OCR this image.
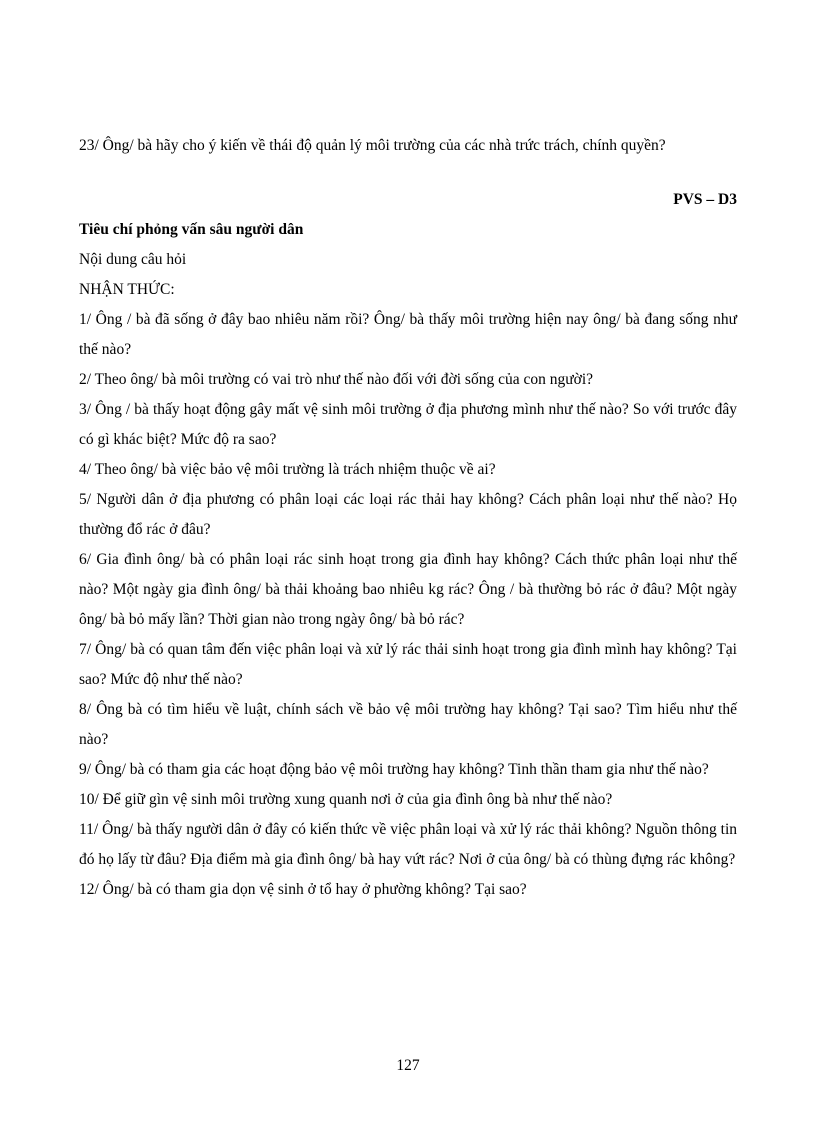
23/ Ông/ bà hãy cho ý kiến về thái độ quản lý môi trường của các nhà trức trách, chính quyền?

PVS – D3

Tiêu chí phỏng vấn sâu người dân

Nội dung câu hỏi

NHẬN THỨC:

1/ Ông / bà đã sống ở đây bao nhiêu năm rồi? Ông/ bà thấy môi trường hiện nay ông/ bà đang sống như thế nào?

2/ Theo ông/ bà môi trường có vai trò như thế nào đối với đời sống của con người?

3/ Ông / bà thấy hoạt động gây mất vệ sinh môi trường ở địa phương mình như thế nào? So với trước đây có gì khác biệt? Mức độ ra sao?

4/ Theo ông/ bà việc bảo vệ môi trường là trách nhiệm thuộc về ai?

5/ Người dân ở địa phương có phân loại các loại rác thải hay không? Cách phân loại như thế nào? Họ thường đổ rác ở đâu?

6/ Gia đình ông/ bà có phân loại rác sinh hoạt trong gia đình hay không? Cách thức phân loại như thế nào? Một ngày gia đình ông/ bà thải khoảng bao nhiêu kg rác? Ông / bà thường bỏ rác ở đâu? Một ngày ông/ bà bỏ mấy lần? Thời gian nào trong ngày ông/ bà bỏ rác?

7/ Ông/ bà có quan tâm đến việc phân loại và xử lý rác thải sinh hoạt trong gia đình mình hay không? Tại sao? Mức độ như thế nào?

8/ Ông bà có tìm hiểu về luật, chính sách về bảo vệ môi trường hay không? Tại sao? Tìm hiểu như thế nào?

9/ Ông/ bà có tham gia các hoạt động bảo vệ môi trường hay không? Tinh thần tham gia như thế nào?

10/ Để giữ gìn vệ sinh môi trường xung quanh nơi ở của gia đình ông bà như thế nào?

11/ Ông/ bà thấy người dân ở đây có kiến thức về việc phân loại và xử lý rác thải không? Nguồn thông tin đó họ lấy từ đâu? Địa điểm mà gia đình ông/ bà hay vứt rác? Nơi ở của ông/ bà có thùng đựng rác không?

12/ Ông/ bà có tham gia dọn vệ sinh ở tổ hay ở phường không? Tại sao?

127
